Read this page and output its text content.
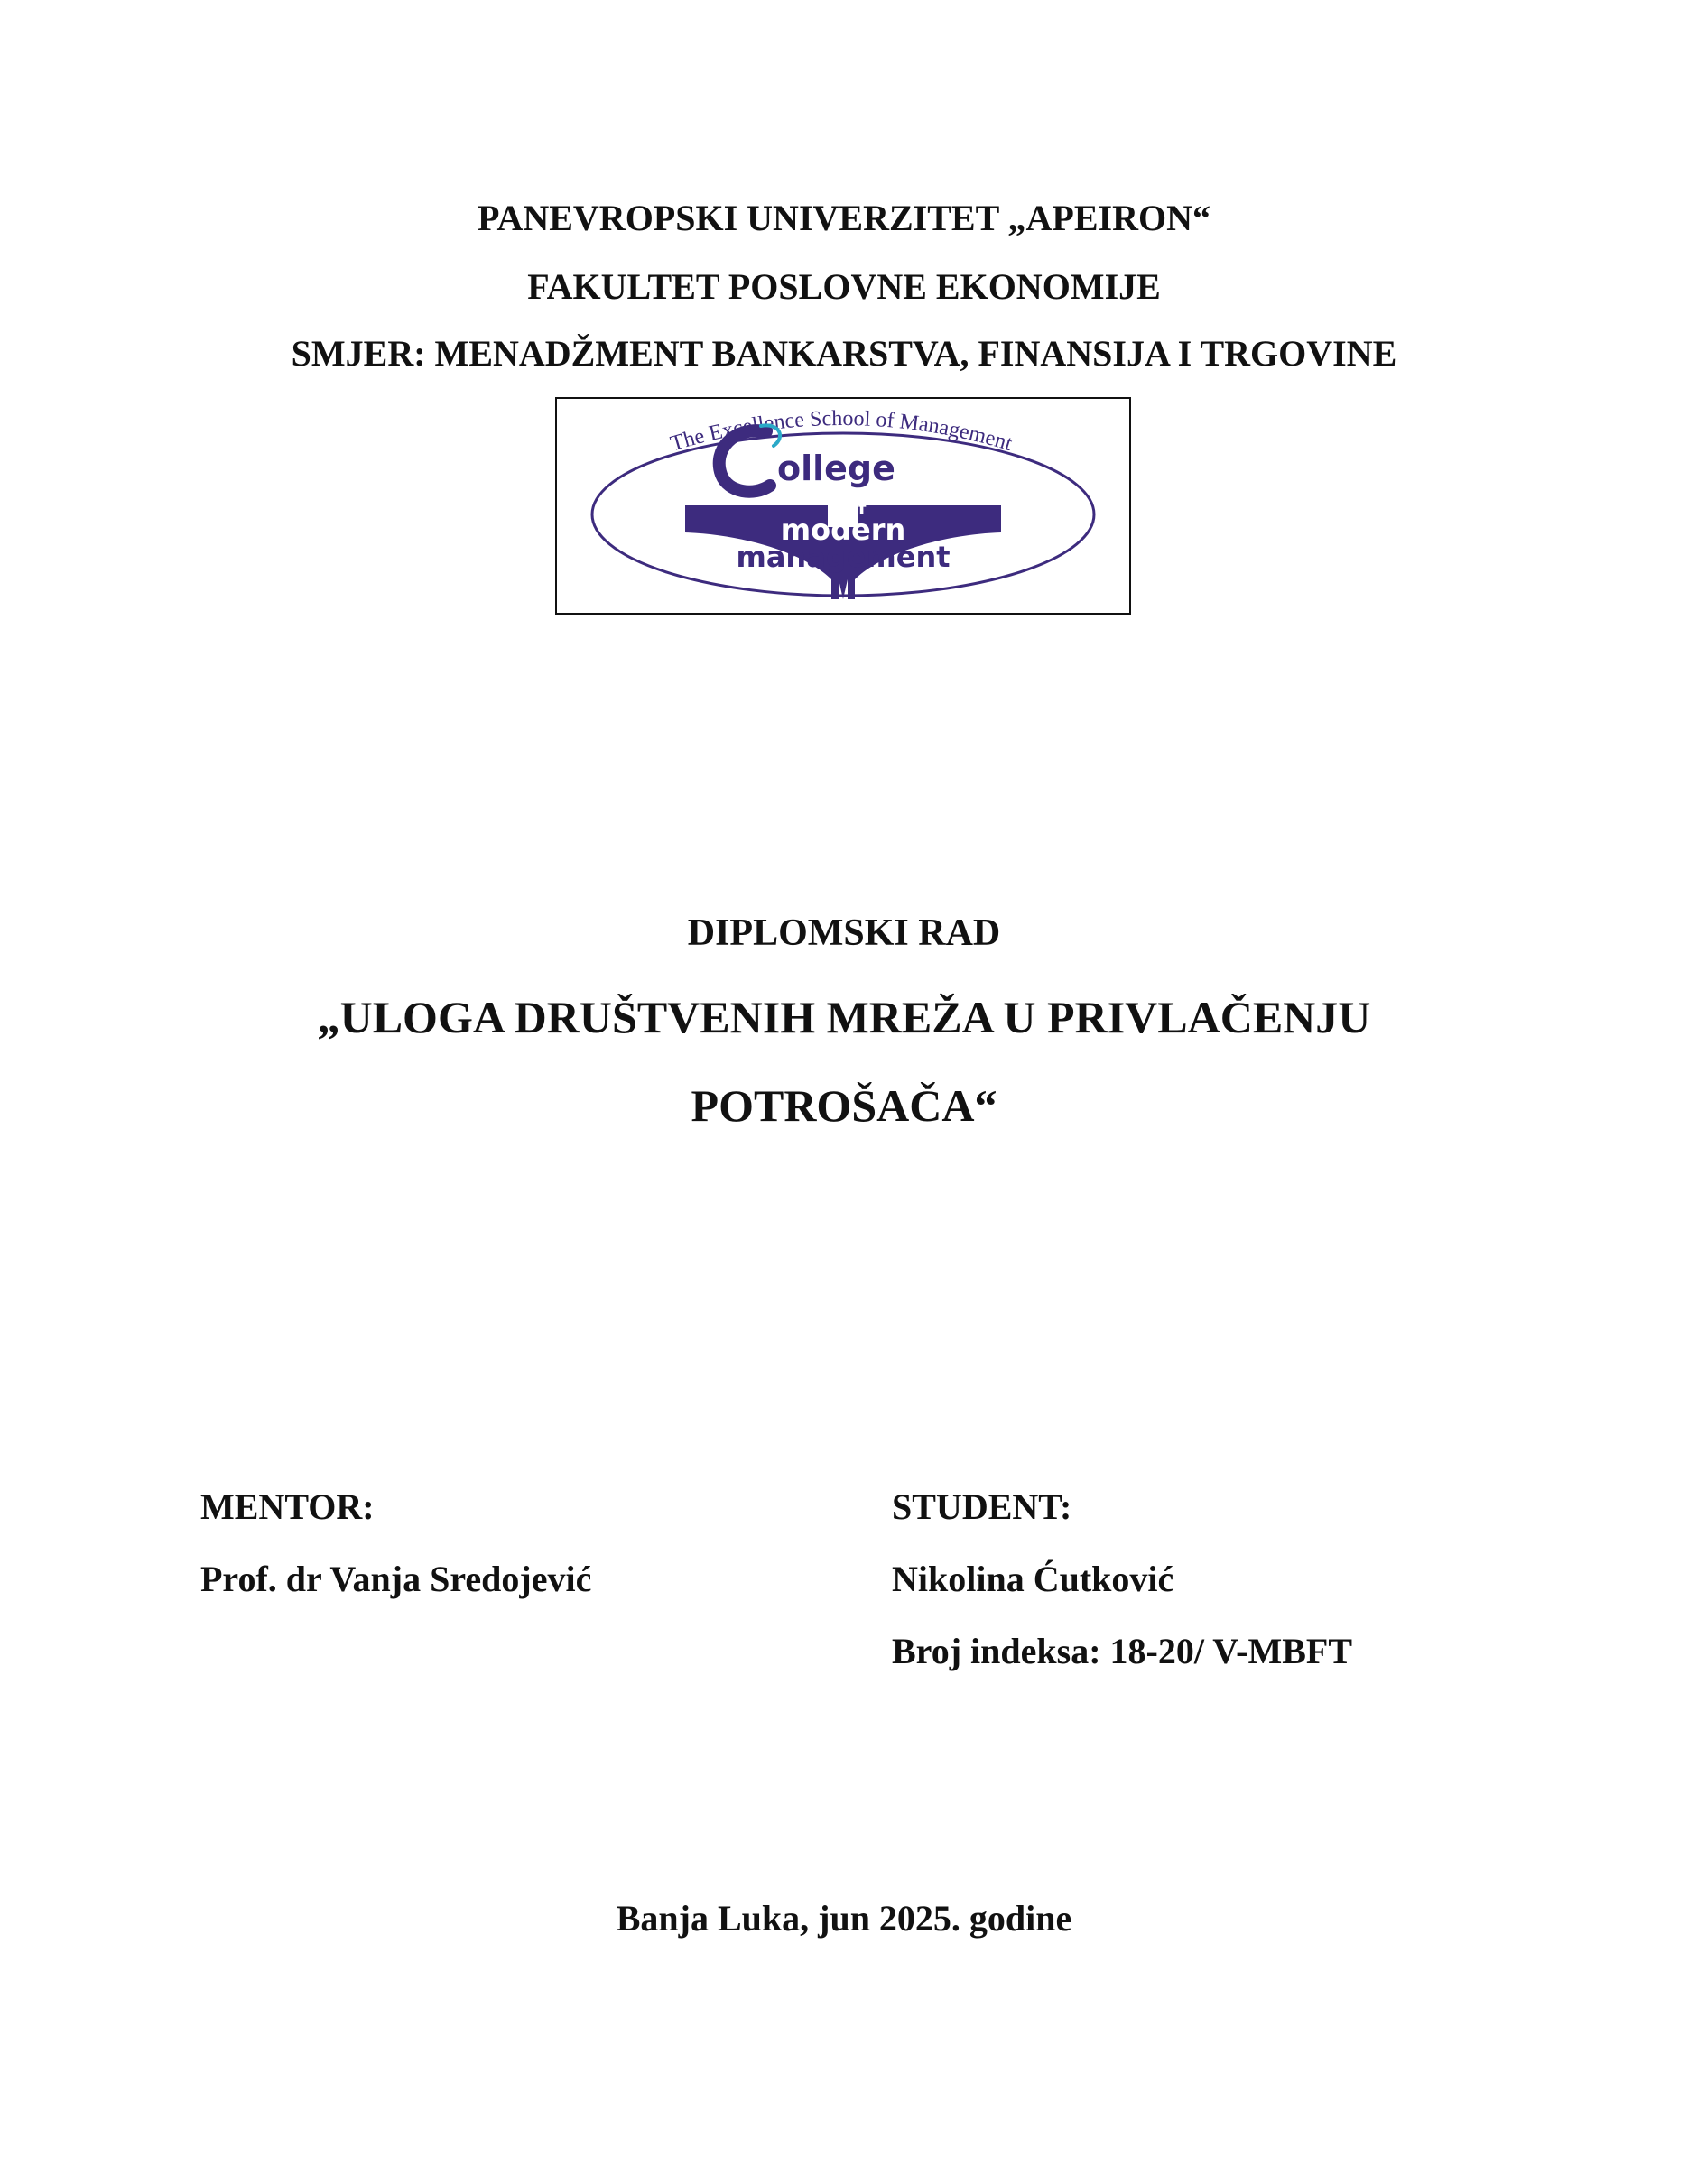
PANEVROPSKI UNIVERZITET „APEIRON“
FAKULTET POSLOVNE EKONOMIJE
SMJER: MENADŽMENT BANKARSTVA, FINANSIJA I TRGOVINE
The Excellence School of Management
ollege
of
modern
management
DIPLOMSKI RAD
„ULOGA DRUŠTVENIH MREŽA U PRIVLAČENJU
POTROŠAČA“
MENTOR:
Prof. dr Vanja Sredojević
STUDENT:
Nikolina Ćutković
Broj indeksa: 18-20/ V-MBFT
Banja Luka, jun 2025. godine
